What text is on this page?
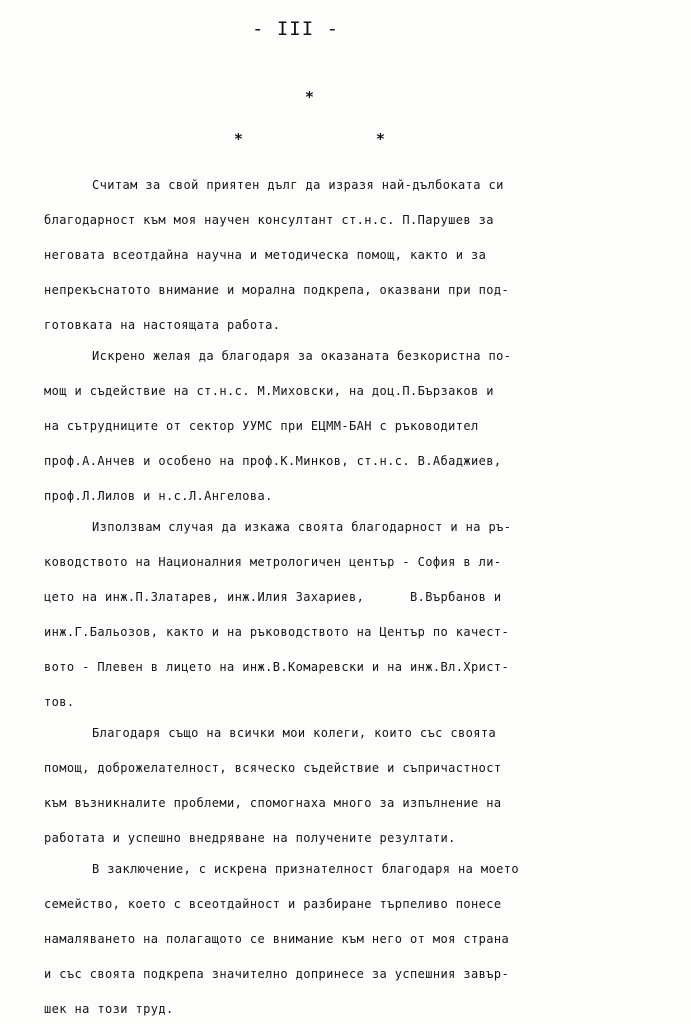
- III -
∗
∗	∗
Считам за свой приятен дълг да изразя най-дълбоката си
благодарност към моя научен консултант ст.н.с. П.Парушев за
неговата всеотдайна научна и методическа помощ, както и за
непрекъснатото внимание и морална подкрепа, оказвани при под-
готовката на настоящата работа.
Искрено желая да благодаря за оказаната безкористна по-
мощ и съдействие на ст.н.с. М.Миховски, на доц.П.Бързаков и
на сътрудниците от сектор УУМС при ЕЦММ-БАН с ръководител
проф.А.Анчев и особено на проф.К.Минков, ст.н.с. В.Абаджиев,
проф.Л.Лилов и н.с.Л.Ангелова.
Използвам случая да изкажа своята благодарност и на ръ-
ководството на Националния метрологичен център - София в ли-
цето на инж.П.Златарев, инж.Илия Захариев,      В.Върбанов и
инж.Г.Бальозов, както и на ръководството на Център по качест-
вото - Плевен в лицето на инж.В.Комаревски и на инж.Вл.Христ-
тов.
Благодаря също на всички мои колеги, които със своята
помощ, доброжелателност, всяческо съдействие и съпричастност
към възникналите проблеми, спомогнаха много за изпълнение на
работата и успешно внедряване на получените резултати.
В заключение, с искрена признателност благодаря на моето
семейство, което с всеотдайност и разбиране търпеливо понесе
намаляването на полагащото се внимание към него от моя страна
и със своята подкрепа значително допринесе за успешния завър-
шек на този труд.
